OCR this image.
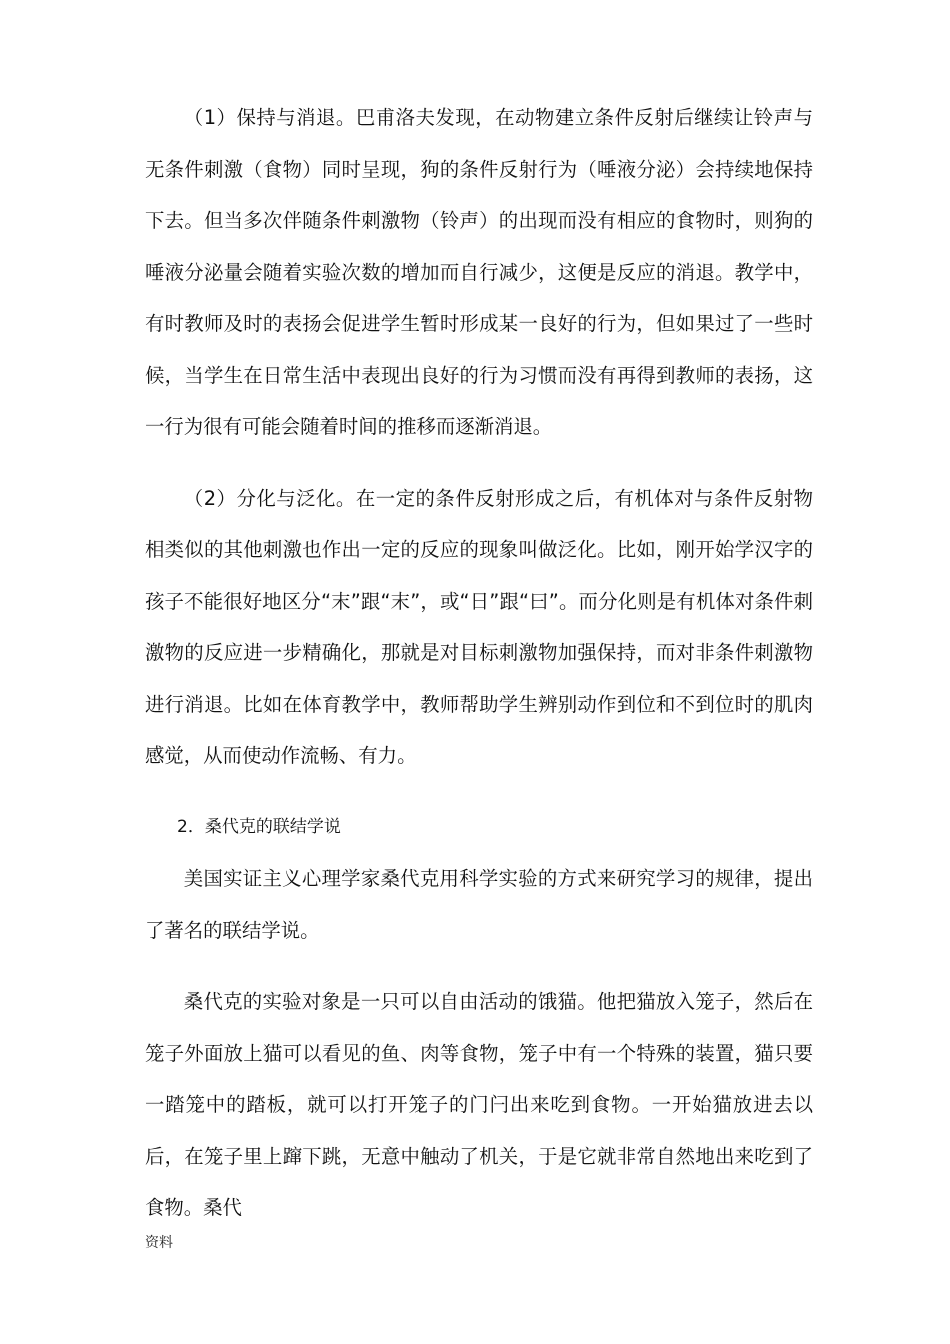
（1）保持与消退。巴甫洛夫发现，在动物建立条件反射后继续让铃声与无条件刺激（食物）同时呈现，狗的条件反射行为（唾液分泌）会持续地保持下去。但当多次伴随条件刺激物（铃声）的出现而没有相应的食物时，则狗的唾液分泌量会随着实验次数的增加而自行减少，这便是反应的消退。教学中，有时教师及时的表扬会促进学生暂时形成某一良好的行为，但如果过了一些时候，当学生在日常生活中表现出良好的行为习惯而没有再得到教师的表扬，这一行为很有可能会随着时间的推移而逐渐消退。

（2）分化与泛化。在一定的条件反射形成之后，有机体对与条件反射物相类似的其他刺激也作出一定的反应的现象叫做泛化。比如，刚开始学汉字的孩子不能很好地区分“末”跟“末”，或“日”跟“曰”。而分化则是有机体对条件刺激物的反应进一步精确化，那就是对目标刺激物加强保持，而对非条件刺激物进行消退。比如在体育教学中，教师帮助学生辨别动作到位和不到位时的肌肉感觉，从而使动作流畅、有力。

2．桑代克的联结学说

美国实证主义心理学家桑代克用科学实验的方式来研究学习的规律，提出了著名的联结学说。

桑代克的实验对象是一只可以自由活动的饿猫。他把猫放入笼子，然后在笼子外面放上猫可以看见的鱼、肉等食物，笼子中有一个特殊的装置，猫只要一踏笼中的踏板，就可以打开笼子的门闩出来吃到食物。一开始猫放进去以后，在笼子里上蹿下跳，无意中触动了机关，于是它就非常自然地出来吃到了食物。桑代

资料
